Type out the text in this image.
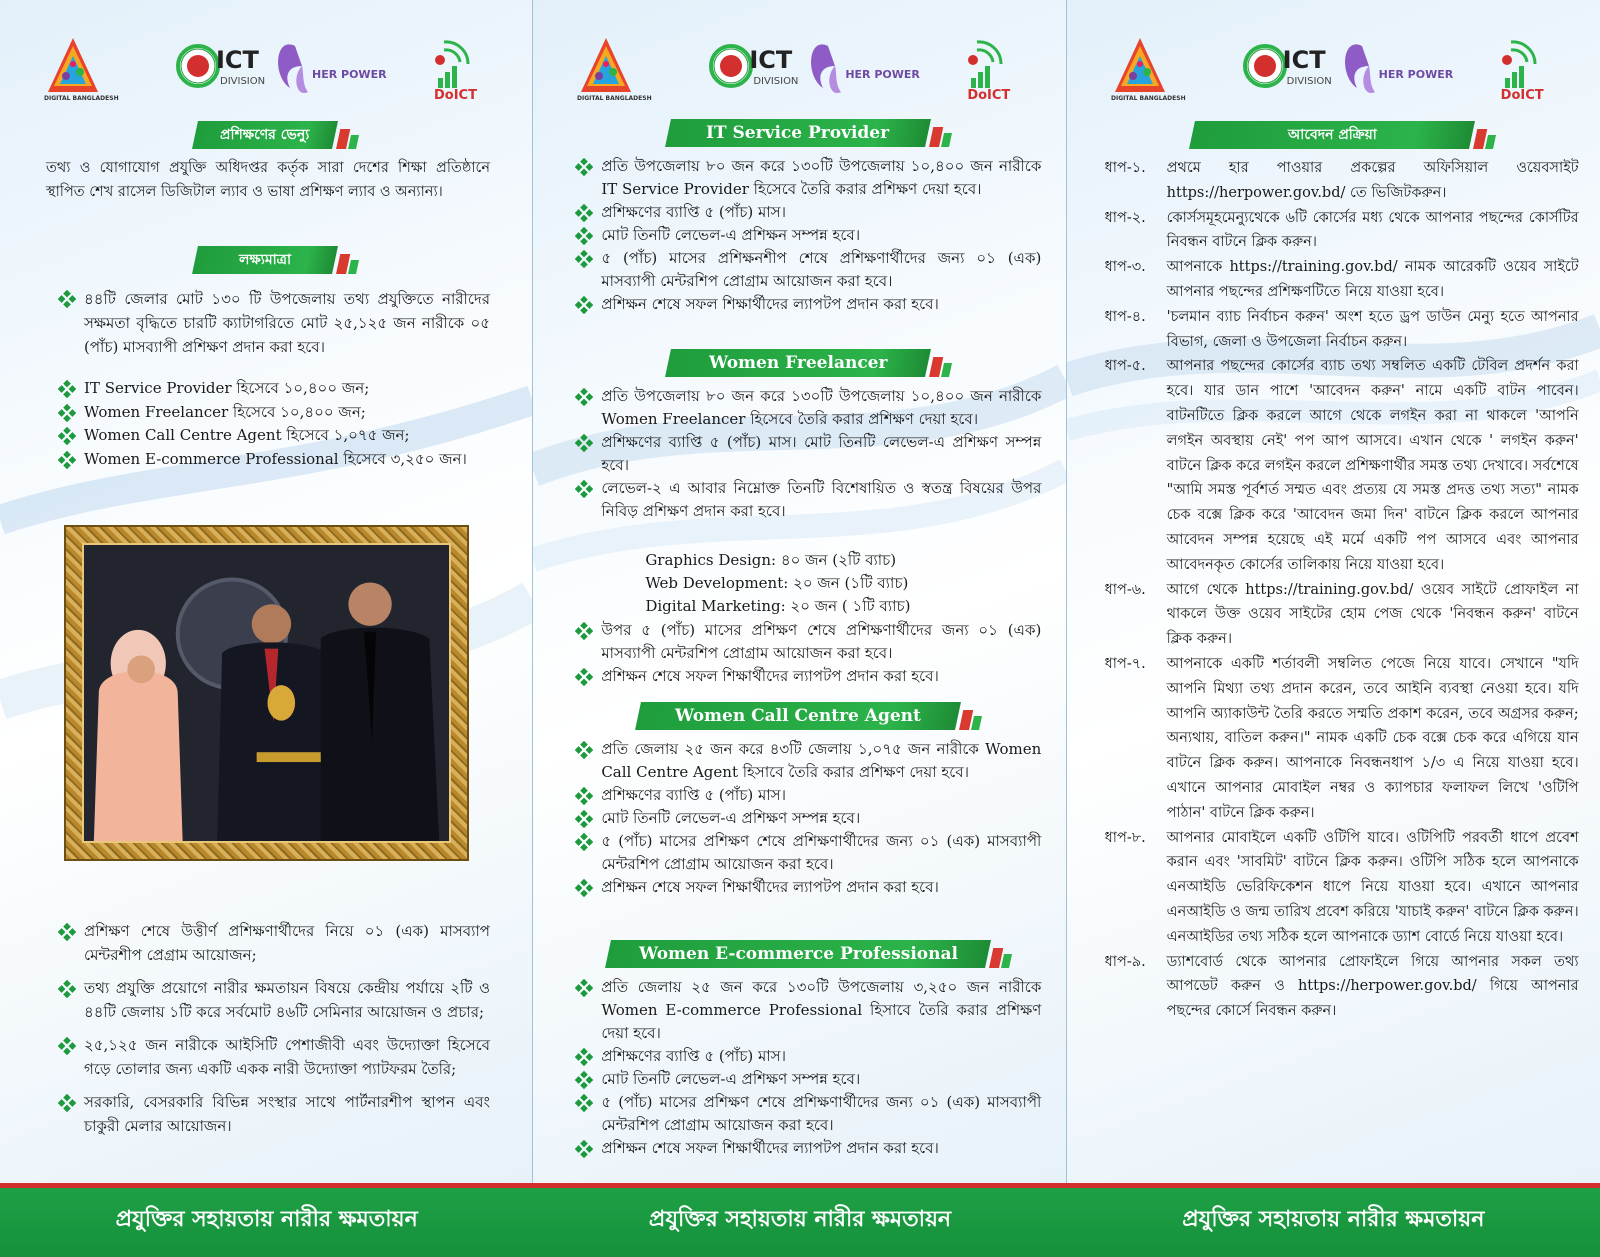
ICT
DIVISION
HER POWER
DoICT
প্রশিক্ষণের ভেন্যু

তথ্য ও যোগাযোগ প্রযুক্তি অধিদপ্তর কর্তৃক সারা দেশের শিক্ষা প্রতিষ্ঠানে স্থাপিত শেখ রাসেল ডিজিটাল ল্যাব ও ভাষা প্রশিক্ষণ ল্যাব ও অন্যান্য।

লক্ষ্যমাত্রা
৪৪টি জেলার মোট ১৩০ টি উপজেলায় তথ্য প্রযুক্তিতে নারীদের সক্ষমতা বৃদ্ধিতে চারটি ক্যাটাগরিতে মোট ২৫,১২৫ জন নারীকে ০৫ (পাঁচ) মাসব্যাপী প্রশিক্ষণ প্রদান করা হবে।
IT Service Provider হিসেবে ১০,৪০০ জন;
Women Freelancer হিসেবে ১০,৪০০ জন;
Women Call Centre Agent হিসেবে ১,০৭৫ জন;
Women E-commerce Professional হিসেবে ৩,২৫০ জন।
প্রশিক্ষণ শেষে উত্তীর্ণ প্রশিক্ষণার্থীদের নিয়ে ০১ (এক) মাসব্যাপ মেন্টরশীপ প্রেগ্রাম আয়োজন;
তথ্য প্রযুক্তি প্রয়োগে নারীর ক্ষমতায়ন বিষয়ে কেন্দ্রীয় পর্যায়ে ২টি ও ৪৪টি জেলায় ১টি করে সর্বমোট ৪৬টি সেমিনার আয়োজন ও প্রচার;
২৫,১২৫ জন নারীকে আইসিটি পেশাজীবী এবং উদ্যোক্তা হিসেবে গড়ে তোলার জন্য একটি একক নারী উদ্যোক্তা প্যাটফরম তৈরি;
সরকারি, বেসরকারি বিভিন্ন সংস্থার সাথে পার্টনারশীপ স্থাপন এবং চাকুরী মেলার আয়োজন।
ICT
DIVISION
HER POWER
DoICT
IT Service Provider
প্রতি উপজেলায় ৮০ জন করে ১৩০টি উপজেলায় ১০,৪০০ জন নারীকে IT Service Provider হিসেবে তৈরি করার প্রশিক্ষণ দেয়া হবে।
প্রশিক্ষণের ব্যাপ্তি ৫ (পাঁচ) মাস।
মোট তিনটি লেভেল-এ প্রশিক্ষন সম্পন্ন হবে।
৫ (পাঁচ) মাসের প্রশিক্ষনশীপ শেষে প্রশিক্ষণার্থীদের জন্য ০১ (এক) মাসব্যাপী মেন্টরশিপ প্রোগ্রাম আয়োজন করা হবে।
প্রশিক্ষন শেষে সফল শিক্ষার্থীদের ল্যাপটপ প্রদান করা হবে।
Women Freelancer
প্রতি উপজেলায় ৮০ জন করে ১৩০টি উপজেলায় ১০,৪০০ জন নারীকে Women Freelancer হিসেবে তৈরি করার প্রশিক্ষণ দেয়া হবে।
প্রশিক্ষণের ব্যাপ্তি ৫ (পাঁচ) মাস। মোট তিনটি লেভেল-এ প্রশিক্ষণ সম্পন্ন হবে।
লেভেল-২ এ আবার নিম্নোক্ত তিনটি বিশেষায়িত ও স্বতন্ত্র বিষয়ের উপর নিবিড় প্রশিক্ষণ প্রদান করা হবে।
Graphics Design: ৪০ জন (২টি ব্যাচ)
Web Development: ২০ জন (১টি ব্যাচ)
Digital Marketing: ২০ জন ( ১টি ব্যাচ)
উপর ৫ (পাঁচ) মাসের প্রশিক্ষণ শেষে প্রশিক্ষণার্থীদের জন্য ০১ (এক) মাসব্যাপী মেন্টরশিপ প্রোগ্রাম আয়োজন করা হবে।
প্রশিক্ষন শেষে সফল শিক্ষার্থীদের ল্যাপটপ প্রদান করা হবে।
Women Call Centre Agent
প্রতি জেলায় ২৫ জন করে ৪৩টি জেলায় ১,০৭৫ জন নারীকে Women Call Centre Agent হিসাবে তৈরি করার প্রশিক্ষণ দেয়া হবে।
প্রশিক্ষণের ব্যাপ্তি ৫ (পাঁচ) মাস।
মোট তিনটি লেভেল-এ প্রশিক্ষণ সম্পন্ন হবে।
৫ (পাঁচ) মাসের প্রশিক্ষণ শেষে প্রশিক্ষণার্থীদের জন্য ০১ (এক) মাসব্যাপী মেন্টরশিপ প্রোগ্রাম আয়োজন করা হবে।
প্রশিক্ষন শেষে সফল শিক্ষার্থীদের ল্যাপটপ প্রদান করা হবে।
Women E-commerce Professional
প্রতি জেলায় ২৫ জন করে ১৩০টি উপজেলায় ৩,২৫০ জন নারীকে Women E-commerce Professional হিসাবে তৈরি করার প্রশিক্ষণ দেয়া হবে।
প্রশিক্ষণের ব্যাপ্তি ৫ (পাঁচ) মাস।
মোট তিনটি লেভেল-এ প্রশিক্ষণ সম্পন্ন হবে।
৫ (পাঁচ) মাসের প্রশিক্ষণ শেষে প্রশিক্ষণার্থীদের জন্য ০১ (এক) মাসব্যাপী মেন্টরশিপ প্রোগ্রাম আয়োজন করা হবে।
প্রশিক্ষন শেষে সফল শিক্ষার্থীদের ল্যাপটপ প্রদান করা হবে।
ICT
DIVISION
HER POWER
DoICT
আবেদন প্রক্রিয়া
ধাপ-১.	প্রথমে হার পাওয়ার প্রকল্পের অফিসিয়াল ওয়েবসাইট https://herpower.gov.bd/ তে ভিজিটকরুন।
ধাপ-২.	কোর্সসমূহমেন্যুথেকে ৬টি কোর্সের মধ্য থেকে আপনার পছন্দের কোর্সটির নিবন্ধন বাটনে ক্লিক করুন।
ধাপ-৩.	আপনাকে https://training.gov.bd/ নামক আরেকটি ওয়েব সাইটে আপনার পছন্দের প্রশিক্ষণটিতে নিয়ে যাওয়া হবে।
ধাপ-৪.	'চলমান ব্যাচ নির্বাচন করুন' অংশ হতে ড্রপ ডাউন মেন্যু হতে আপনার বিভাগ, জেলা ও উপজেলা নির্বাচন করুন।
ধাপ-৫.	আপনার পছন্দের কোর্সের ব্যাচ তথ্য সম্বলিত একটি টেবিল প্রদর্শন করা হবে। যার ডান পাশে 'আবেদন করুন' নামে একটি বাটন পাবেন। বাটনটিতে ক্লিক করলে আগে থেকে লগইন করা না থাকলে 'আপনি লগইন অবস্থায় নেই' পপ আপ আসবে। এখান থেকে ' লগইন করুন' বাটনে ক্লিক করে লগইন করলে প্রশিক্ষণার্থীর সমস্ত তথ্য দেখাবে। সর্বশেষে "আমি সমস্ত পূর্বশর্ত সম্মত এবং প্রত্যয় যে সমস্ত প্রদত্ত তথ্য সত্য" নামক চেক বক্সে ক্লিক করে 'আবেদন জমা দিন' বাটনে ক্লিক করলে আপনার আবেদন সম্পন্ন হয়েছে এই মর্মে একটি পপ আসবে এবং আপনার আবেদনকৃত কোর্সের তালিকায় নিয়ে যাওয়া হবে।
ধাপ-৬.	আগে থেকে https://training.gov.bd/ ওয়েব সাইটে প্রোফাইল না থাকলে উক্ত ওয়েব সাইটের হোম পেজ থেকে 'নিবন্ধন করুন' বাটনে ক্লিক করুন।
ধাপ-৭.	আপনাকে একটি শর্তাবলী সম্বলিত পেজে নিয়ে যাবে। সেখানে "যদি আপনি মিথ্যা তথ্য প্রদান করেন, তবে আইনি ব্যবস্থা নেওয়া হবে। যদি আপনি অ্যাকাউন্ট তৈরি করতে সম্মতি প্রকাশ করেন, তবে অগ্রসর করুন; অন্যথায়, বাতিল করুন।" নামক একটি চেক বক্সে চেক করে এগিয়ে যান বাটনে ক্লিক করুন। আপনাকে নিবন্ধনধাপ ১/৩ এ নিয়ে যাওয়া হবে। এখানে আপনার মোবাইল নম্বর ও ক্যাপচার ফলাফল লিখে 'ওটিপি পাঠান' বাটনে ক্লিক করুন।
ধাপ-৮.	আপনার মোবাইলে একটি ওটিপি যাবে। ওটিপিটি পরবর্তী ধাপে প্রবেশ করান এবং 'সাবমিট' বাটনে ক্লিক করুন। ওটিপি সঠিক হলে আপনাকে এনআইডি ভেরিফিকেশন ধাপে নিয়ে যাওয়া হবে। এখানে আপনার এনআইডি ও জন্ম তারিখ প্রবেশ করিয়ে 'যাচাই করুন' বাটনে ক্লিক করুন। এনআইডির তথ্য সঠিক হলে আপনাকে ড্যাশ বোর্ডে নিয়ে যাওয়া হবে।
ধাপ-৯.	ড্যাশবোর্ড থেকে আপনার প্রোফাইলে গিয়ে আপনার সকল তথ্য আপডেট করুন ও https://herpower.gov.bd/ গিয়ে আপনার পছন্দের কোর্সে নিবন্ধন করুন।
প্রযুক্তির সহায়তায় নারীর ক্ষমতায়ন	প্রযুক্তির সহায়তায় নারীর ক্ষমতায়ন	প্রযুক্তির সহায়তায় নারীর ক্ষমতায়ন
